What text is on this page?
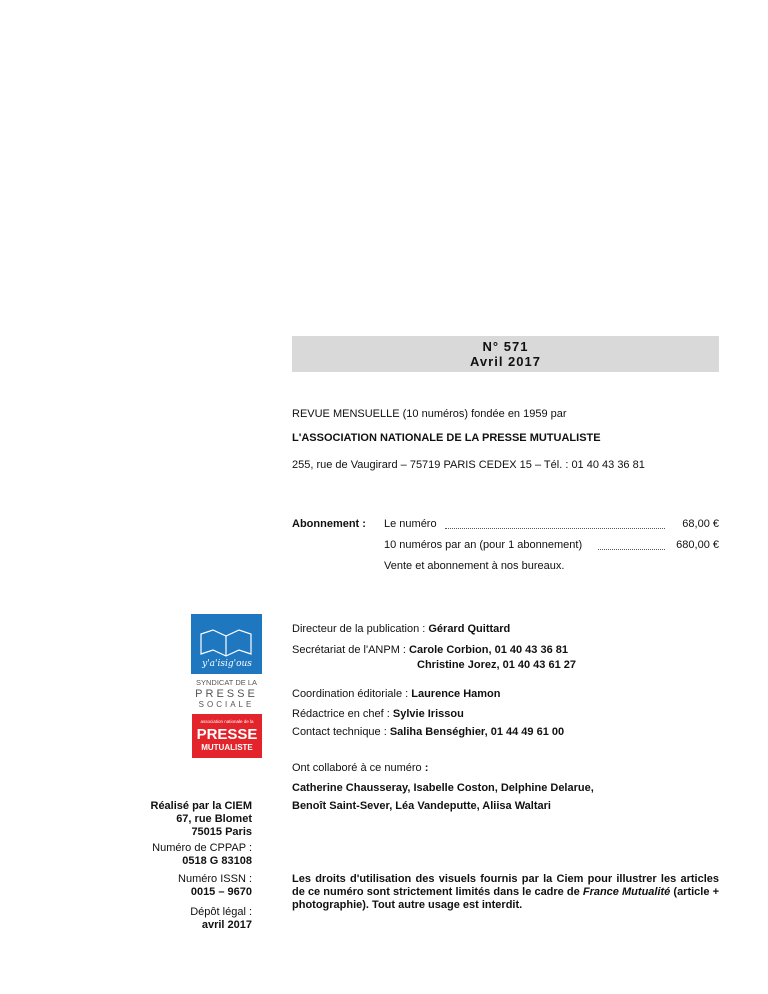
N° 571
Avril 2017
REVUE MENSUELLE (10 numéros) fondée en 1959 par
L'ASSOCIATION NATIONALE DE LA PRESSE MUTUALISTE
255, rue de Vaugirard – 75719 PARIS CEDEX 15 – Tél. : 01 40 43 36 81
Abonnement : Le numéro	68,00 €
10 numéros par an (pour 1 abonnement)	680,00 €
Vente et abonnement à nos bureaux.
y'a'isig'ous
SYNDICAT DE LA
PRESSE
SOCIALE
association nationale de la
PRESSE
MUTUALISTE
Directeur de la publication : Gérard Quittard
Secrétariat de l'ANPM : Carole Corbion, 01 40 43 36 81
Christine Jorez, 01 40 43 61 27
Coordination éditoriale : Laurence Hamon
Rédactrice en chef : Sylvie Irissou
Contact technique : Saliha Benséghier, 01 44 49 61 00
Ont collaboré à ce numéro :
Catherine Chausseray, Isabelle Coston, Delphine Delarue,
Benoît Saint-Sever, Léa Vandeputte, Aliisa Waltari
Réalisé par la CIEM
67, rue Blomet
75015 Paris
Numéro de CPPAP :
0518 G 83108
Numéro ISSN :
0015 – 9670
Dépôt légal :
avril 2017
Les droits d'utilisation des visuels fournis par la Ciem pour illustrer les articles de ce numéro sont strictement limités dans le cadre de France Mutualité (article + photographie). Tout autre usage est interdit.
